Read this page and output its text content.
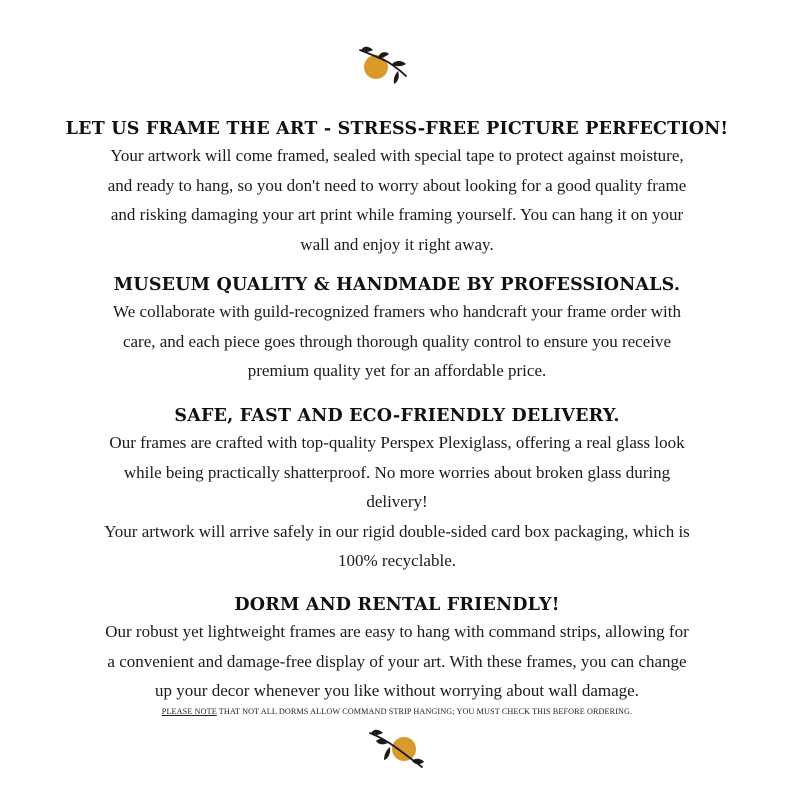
LET US FRAME THE ART - STRESS-FREE PICTURE PERFECTION!

Your artwork will come framed, sealed with special tape to protect against moisture,

and ready to hang, so you don't need to worry about looking for a good quality frame

and risking damaging your art print while framing yourself. You can hang it on your

wall and enjoy it right away.

MUSEUM QUALITY & HANDMADE BY PROFESSIONALS.

We collaborate with guild-recognized framers who handcraft your frame order with

care, and each piece goes through thorough quality control to ensure you receive

premium quality yet for an affordable price.

SAFE, FAST AND ECO-FRIENDLY DELIVERY.

Our frames are crafted with top-quality Perspex Plexiglass, offering a real glass look

while being practically shatterproof. No more worries about broken glass during

delivery!

Your artwork will arrive safely in our rigid double-sided card box packaging, which is

100% recyclable.

DORM AND RENTAL FRIENDLY!

Our robust yet lightweight frames are easy to hang with command strips, allowing for

a convenient and damage-free display of your art. With these frames, you can change

up your decor whenever you like without worrying about wall damage.

PLEASE NOTE THAT NOT ALL DORMS ALLOW COMMAND STRIP HANGING; YOU MUST CHECK THIS BEFORE ORDERING.
